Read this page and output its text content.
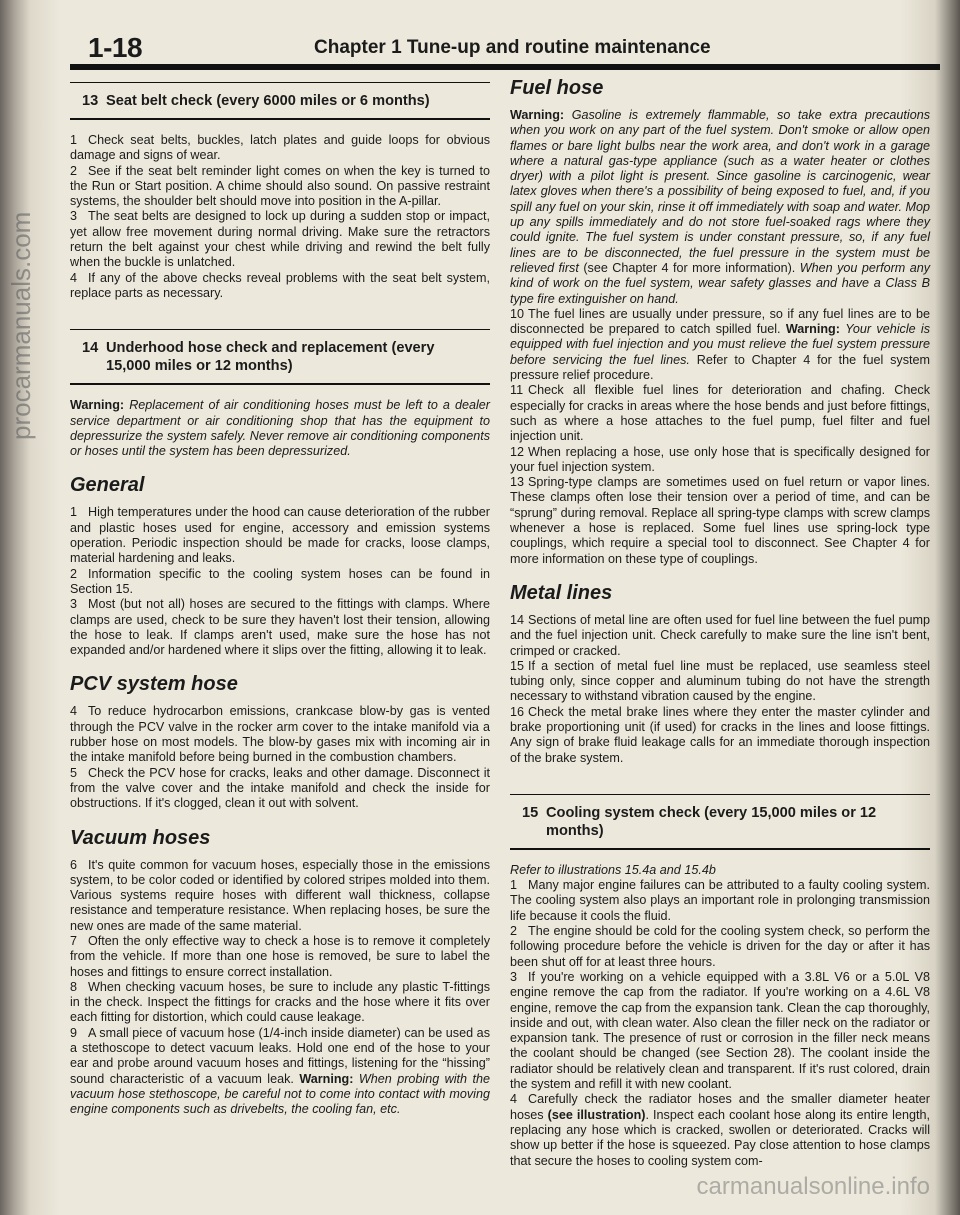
1-18	Chapter 1 Tune-up and routine maintenance
13 Seat belt check (every 6000 miles or 6 months)

1 Check seat belts, buckles, latch plates and guide loops for obvious damage and signs of wear.

2 See if the seat belt reminder light comes on when the key is turned to the Run or Start position. A chime should also sound. On passive restraint systems, the shoulder belt should move into position in the A-pillar.

3 The seat belts are designed to lock up during a sudden stop or impact, yet allow free movement during normal driving. Make sure the retractors return the belt against your chest while driving and rewind the belt fully when the buckle is unlatched.

4 If any of the above checks reveal problems with the seat belt system, replace parts as necessary.

14 Underhood hose check and replacement (every 15,000 miles or 12 months)

Warning: Replacement of air conditioning hoses must be left to a dealer service department or air conditioning shop that has the equipment to depressurize the system safely. Never remove air conditioning components or hoses until the system has been depressurized.

General

1 High temperatures under the hood can cause deterioration of the rubber and plastic hoses used for engine, accessory and emission systems operation. Periodic inspection should be made for cracks, loose clamps, material hardening and leaks.

2 Information specific to the cooling system hoses can be found in Section 15.

3 Most (but not all) hoses are secured to the fittings with clamps. Where clamps are used, check to be sure they haven't lost their tension, allowing the hose to leak. If clamps aren't used, make sure the hose has not expanded and/or hardened where it slips over the fitting, allowing it to leak.

PCV system hose

4 To reduce hydrocarbon emissions, crankcase blow-by gas is vented through the PCV valve in the rocker arm cover to the intake manifold via a rubber hose on most models. The blow-by gases mix with incoming air in the intake manifold before being burned in the combustion chambers.

5 Check the PCV hose for cracks, leaks and other damage. Disconnect it from the valve cover and the intake manifold and check the inside for obstructions. If it's clogged, clean it out with solvent.

Vacuum hoses

6 It's quite common for vacuum hoses, especially those in the emissions system, to be color coded or identified by colored stripes molded into them. Various systems require hoses with different wall thickness, collapse resistance and temperature resistance. When replacing hoses, be sure the new ones are made of the same material.

7 Often the only effective way to check a hose is to remove it completely from the vehicle. If more than one hose is removed, be sure to label the hoses and fittings to ensure correct installation.

8 When checking vacuum hoses, be sure to include any plastic T-fittings in the check. Inspect the fittings for cracks and the hose where it fits over each fitting for distortion, which could cause leakage.

9 A small piece of vacuum hose (1/4-inch inside diameter) can be used as a stethoscope to detect vacuum leaks. Hold one end of the hose to your ear and probe around vacuum hoses and fittings, listening for the “hissing” sound characteristic of a vacuum leak. Warning: When probing with the vacuum hose stethoscope, be careful not to come into contact with moving engine components such as drivebelts, the cooling fan, etc.

Fuel hose

Warning: Gasoline is extremely flammable, so take extra precautions when you work on any part of the fuel system. Don't smoke or allow open flames or bare light bulbs near the work area, and don't work in a garage where a natural gas-type appliance (such as a water heater or clothes dryer) with a pilot light is present. Since gasoline is carcinogenic, wear latex gloves when there's a possibility of being exposed to fuel, and, if you spill any fuel on your skin, rinse it off immediately with soap and water. Mop up any spills immediately and do not store fuel-soaked rags where they could ignite. The fuel system is under constant pressure, so, if any fuel lines are to be disconnected, the fuel pressure in the system must be relieved first (see Chapter 4 for more information). When you perform any kind of work on the fuel system, wear safety glasses and have a Class B type fire extinguisher on hand.

10 The fuel lines are usually under pressure, so if any fuel lines are to be disconnected be prepared to catch spilled fuel. Warning: Your vehicle is equipped with fuel injection and you must relieve the fuel system pressure before servicing the fuel lines. Refer to Chapter 4 for the fuel system pressure relief procedure.

11 Check all flexible fuel lines for deterioration and chafing. Check especially for cracks in areas where the hose bends and just before fittings, such as where a hose attaches to the fuel pump, fuel filter and fuel injection unit.

12 When replacing a hose, use only hose that is specifically designed for your fuel injection system.

13 Spring-type clamps are sometimes used on fuel return or vapor lines. These clamps often lose their tension over a period of time, and can be “sprung” during removal. Replace all spring-type clamps with screw clamps whenever a hose is replaced. Some fuel lines use spring-lock type couplings, which require a special tool to disconnect. See Chapter 4 for more information on these type of couplings.

Metal lines

14 Sections of metal line are often used for fuel line between the fuel pump and the fuel injection unit. Check carefully to make sure the line isn't bent, crimped or cracked.

15 If a section of metal fuel line must be replaced, use seamless steel tubing only, since copper and aluminum tubing do not have the strength necessary to withstand vibration caused by the engine.

16 Check the metal brake lines where they enter the master cylinder and brake proportioning unit (if used) for cracks in the lines and loose fittings. Any sign of brake fluid leakage calls for an immediate thorough inspection of the brake system.

15 Cooling system check (every 15,000 miles or 12 months)

Refer to illustrations 15.4a and 15.4b

1 Many major engine failures can be attributed to a faulty cooling system. The cooling system also plays an important role in prolonging transmission life because it cools the fluid.

2 The engine should be cold for the cooling system check, so perform the following procedure before the vehicle is driven for the day or after it has been shut off for at least three hours.

3 If you're working on a vehicle equipped with a 3.8L V6 or a 5.0L V8 engine remove the cap from the radiator. If you're working on a 4.6L V8 engine, remove the cap from the expansion tank. Clean the cap thoroughly, inside and out, with clean water. Also clean the filler neck on the radiator or expansion tank. The presence of rust or corrosion in the filler neck means the coolant should be changed (see Section 28). The coolant inside the radiator should be relatively clean and transparent. If it's rust colored, drain the system and refill it with new coolant.

4 Carefully check the radiator hoses and the smaller diameter heater hoses (see illustration). Inspect each coolant hose along its entire length, replacing any hose which is cracked, swollen or deteriorated. Cracks will show up better if the hose is squeezed. Pay close attention to hose clamps that secure the hoses to cooling system com-

procarmanuals.com
carmanualsonline.info
